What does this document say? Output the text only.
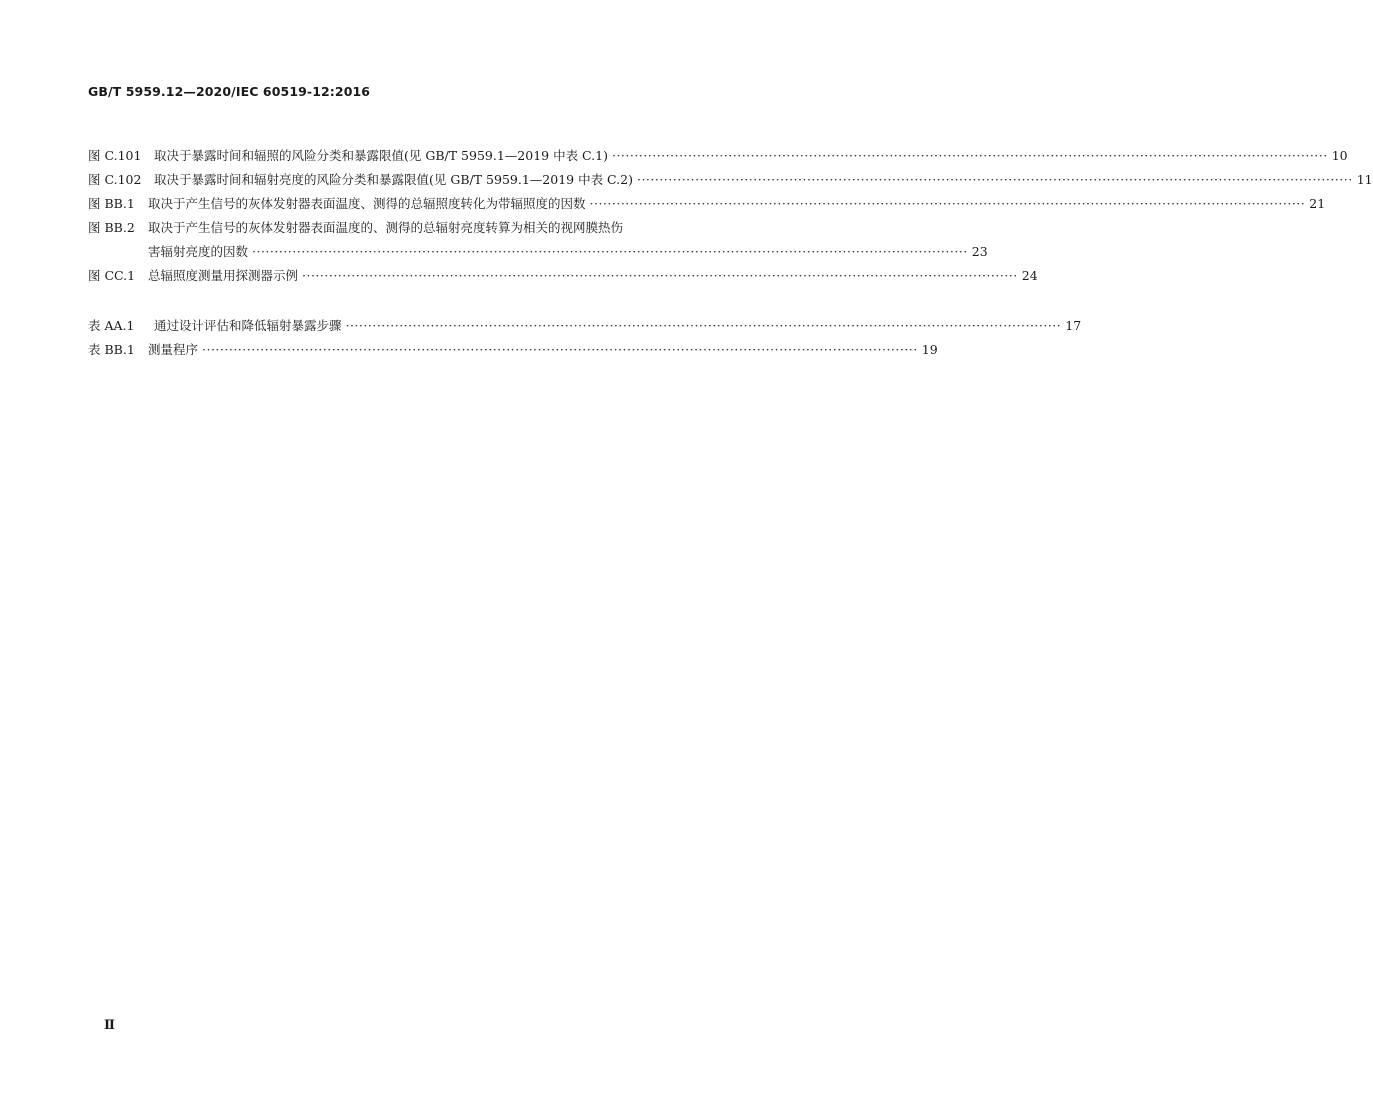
GB/T 5959.12—2020/IEC 60519-12:2016
图 C.101	取决于暴露时间和辐照的风险分类和暴露限值(见 GB/T 5959.1—2019 中表 C.1) ·····	10
图 C.102	取决于暴露时间和辐射亮度的风险分类和暴露限值(见 GB/T 5959.1—2019 中表 C.2) ·····	11
图 BB.1	取决于产生信号的灰体发射器表面温度、测得的总辐照度转化为带辐照度的因数 ·····	21
图 BB.2	取决于产生信号的灰体发射器表面温度的、测得的总辐射亮度转算为相关的视网膜热伤
害辐射亮度的因数 ·····	23
图 CC.1	总辐照度测量用探测器示例 ·····	24
表 AA.1	通过设计评估和降低辐射暴露步骤 ·····	17
表 BB.1	测量程序 ·····	19
Ⅱ
